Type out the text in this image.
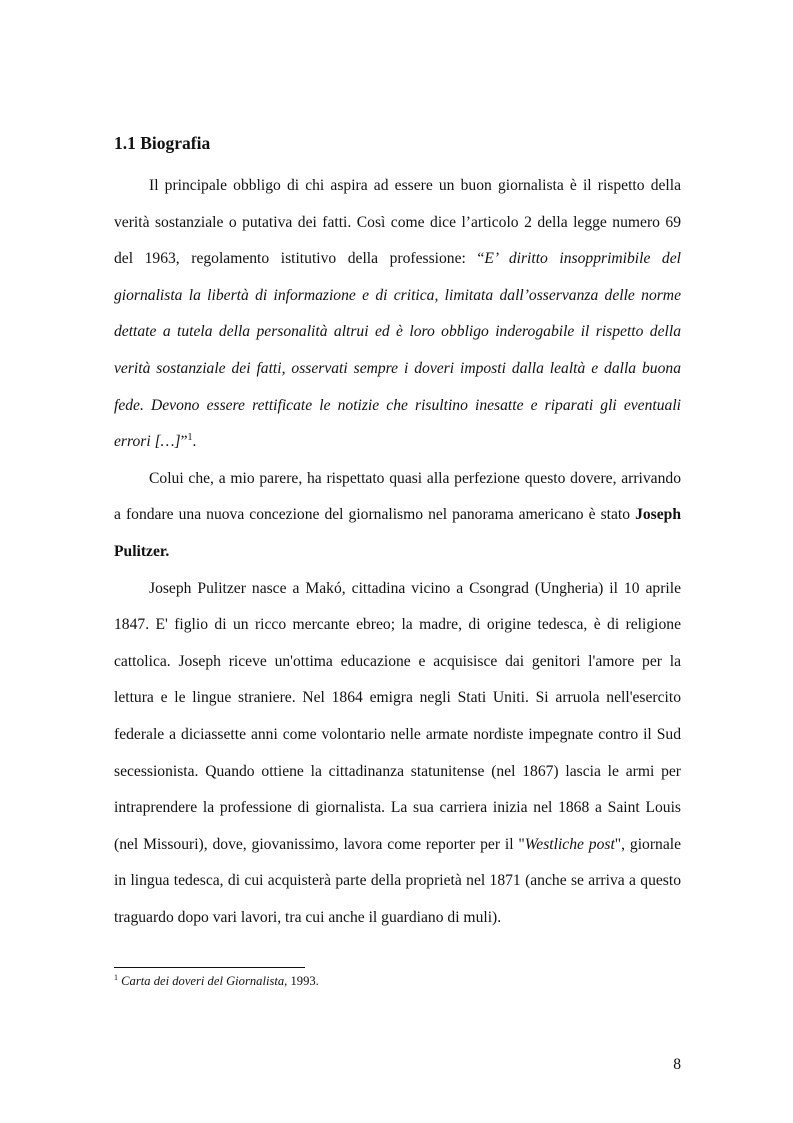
1.1 Biografia

Il principale obbligo di chi aspira ad essere un buon giornalista è il rispetto della verità sostanziale o putativa dei fatti. Così come dice l’articolo 2 della legge numero 69 del 1963, regolamento istitutivo della professione: “E’ diritto insopprimibile del giornalista la libertà di informazione e di critica, limitata dall’osservanza delle norme dettate a tutela della personalità altrui ed è loro obbligo inderogabile il rispetto della verità sostanziale dei fatti, osservati sempre i doveri imposti dalla lealtà e dalla buona fede. Devono essere rettificate le notizie che risultino inesatte e riparati gli eventuali errori […]”$^1$.

Colui che, a mio parere, ha rispettato quasi alla perfezione questo dovere, arrivando a fondare una nuova concezione del giornalismo nel panorama americano è stato Joseph Pulitzer.

Joseph Pulitzer nasce a Makó, cittadina vicino a Csongrad (Ungheria) il 10 aprile 1847. E' figlio di un ricco mercante ebreo; la madre, di origine tedesca, è di religione cattolica. Joseph riceve un'ottima educazione e acquisisce dai genitori l'amore per la lettura e le lingue straniere. Nel 1864 emigra negli Stati Uniti. Si arruola nell'esercito federale a diciassette anni come volontario nelle armate nordiste impegnate contro il Sud secessionista. Quando ottiene la cittadinanza statunitense (nel 1867) lascia le armi per intraprendere la professione di giornalista. La sua carriera inizia nel 1868 a Saint Louis (nel Missouri), dove, giovanissimo, lavora come reporter per il "Westliche post", giornale in lingua tedesca, di cui acquisterà parte della proprietà nel 1871 (anche se arriva a questo traguardo dopo vari lavori, tra cui anche il guardiano di muli).

$^1$ Carta dei doveri del Giornalista, 1993.
8
